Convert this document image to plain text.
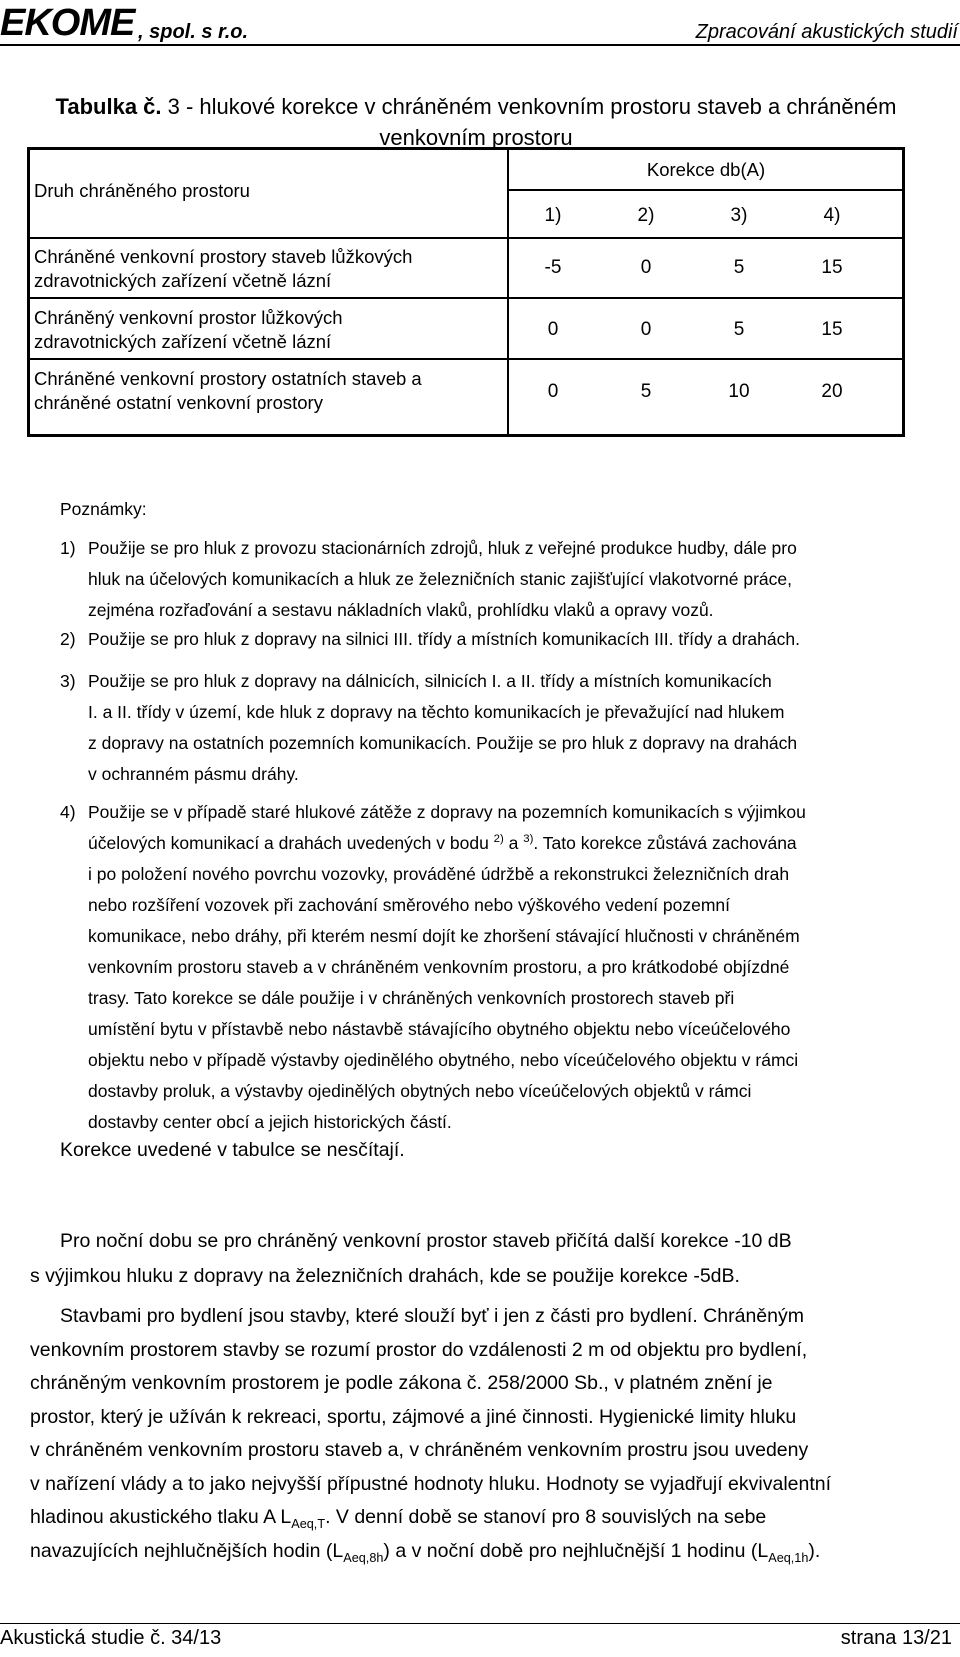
EKOME , spol. s r.o.	Zpracování akustických studií
Tabulka č. 3 - hlukové korekce v chráněném venkovním prostoru staveb a chráněném
venkovním prostoru
Druh chráněného prostoru
Korekce db(A)
1)	2)	3)	4)
Chráněné venkovní prostory staveb lůžkových
zdravotnických zařízení včetně lázní
-5	0	5	15
Chráněný venkovní prostor lůžkových
zdravotnických zařízení včetně lázní
0	0	5	15
Chráněné venkovní prostory ostatních staveb a
chráněné ostatní venkovní prostory
0	5	10	20
Poznámky:
1) Použije se pro hluk z provozu stacionárních zdrojů, hluk z veřejné produkce hudby, dále pro
hluk na účelových komunikacích a hluk ze železničních stanic zajišťující vlakotvorné práce,
zejména rozřaďování a sestavu nákladních vlaků, prohlídku vlaků a opravy vozů.
2) Použije se pro hluk z dopravy na silnici III. třídy a místních komunikacích III. třídy a drahách.
3) Použije se pro hluk z dopravy na dálnicích, silnicích I. a II. třídy a místních komunikacích
I. a II. třídy v území, kde hluk z dopravy na těchto komunikacích je převažující nad hlukem
z dopravy na ostatních pozemních komunikacích. Použije se pro hluk z dopravy na drahách
v ochranném pásmu dráhy.
4) Použije se v případě staré hlukové zátěže z dopravy na pozemních komunikacích s výjimkou
účelových komunikací a drahách uvedených v bodu $^{2)}$ a $^{3)}$. Tato korekce zůstává zachována
i po položení nového povrchu vozovky, prováděné údržbě a rekonstrukci železničních drah
nebo rozšíření vozovek při zachování směrového nebo výškového vedení pozemní
komunikace, nebo dráhy, při kterém nesmí dojít ke zhoršení stávající hlučnosti v chráněném
venkovním prostoru staveb a v chráněném venkovním prostoru, a pro krátkodobé objízdné
trasy. Tato korekce se dále použije i v chráněných venkovních prostorech staveb při
umístění bytu v přístavbě nebo nástavbě stávajícího obytného objektu nebo víceúčelového
objektu nebo v případě výstavby ojedinělého obytného, nebo víceúčelového objektu v rámci
dostavby proluk, a výstavby ojedinělých obytných nebo víceúčelových objektů v rámci
dostavby center obcí a jejich historických částí.
Korekce uvedené v tabulce se nesčítají.
Pro noční dobu se pro chráněný venkovní prostor staveb přičítá další korekce -10 dB
s výjimkou hluku z dopravy na železničních drahách, kde se použije korekce -5dB.
Stavbami pro bydlení jsou stavby, které slouží byť i jen z části pro bydlení. Chráněným
venkovním prostorem stavby se rozumí prostor do vzdálenosti 2 m od objektu pro bydlení,
chráněným venkovním prostorem je podle zákona č. 258/2000 Sb., v platném znění je
prostor, který je užíván k rekreaci, sportu, zájmové a jiné činnosti. Hygienické limity hluku
v chráněném venkovním prostoru staveb a, v chráněném venkovním prostru jsou uvedeny
v nařízení vlády a to jako nejvyšší přípustné hodnoty hluku. Hodnoty se vyjadřují ekvivalentní
hladinou akustického tlaku A $L_{Aeq,T}$. V denní době se stanoví pro 8 souvislých na sebe
navazujících nejhlučnějších hodin $(L_{Aeq,8h})$ a v noční době pro nejhlučnější 1 hodinu $(L_{Aeq,1h})$.
Akustická studie č. 34/13	strana 13/21
